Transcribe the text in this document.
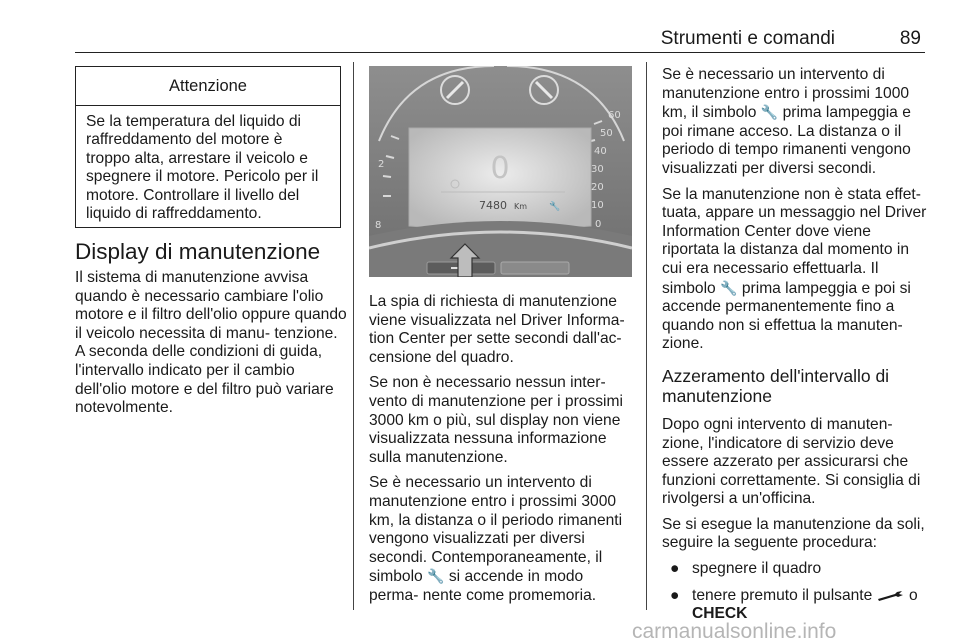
Strumenti e comandi	89
Attenzione
Se la temperatura del liquido di raffreddamento del motore è troppo alta, arrestare il veicolo e spegnere il motore. Pericolo per il motore. Controllare il livello del liquido di raffreddamento.
Display di manutenzione

Il sistema di manutenzione avvisa quando è necessario cambiare l'olio motore e il filtro dell'olio oppure quando il veicolo necessita di manu- tenzione. A seconda delle condizioni di guida, l'intervallo indicato per il cambio dell'olio motore e del filtro può variare notevolmente.

2
8
60
50
40
30
20
10
0
0
7480 Km 🔧

La spia di richiesta di manutenzione viene visualizzata nel Driver Informa- tion Center per sette secondi dall'ac- censione del quadro.

Se non è necessario nessun inter- vento di manutenzione per i prossimi 3000 km o più, sul display non viene visualizzata nessuna informazione sulla manutenzione.

Se è necessario un intervento di manutenzione entro i prossimi 3000 km, la distanza o il periodo rimanenti vengono visualizzati per diversi secondi. Contemporaneamente, il simbolo 🔧 si accende in modo perma- nente come promemoria.

Se è necessario un intervento di manutenzione entro i prossimi 1000 km, il simbolo 🔧 prima lampeggia e poi rimane acceso. La distanza o il periodo di tempo rimanenti vengono visualizzati per diversi secondi.

Se la manutenzione non è stata effet- tuata, appare un messaggio nel Driver Information Center dove viene riportata la distanza dal momento in cui era necessario effettuarla. Il simbolo 🔧 prima lampeggia e poi si accende permanentemente fino a quando non si effettua la manuten- zione.

Azzeramento dell'intervallo di manutenzione

Dopo ogni intervento di manuten- zione, l'indicatore di servizio deve essere azzerato per assicurarsi che funzioni correttamente. Si consiglia di rivolgersi a un'officina.

Se si esegue la manutenzione da soli, seguire la seguente procedura:

● spegnere il quadro
● tenere premuto il pulsante o
CHECK
carmanualsonline.info
